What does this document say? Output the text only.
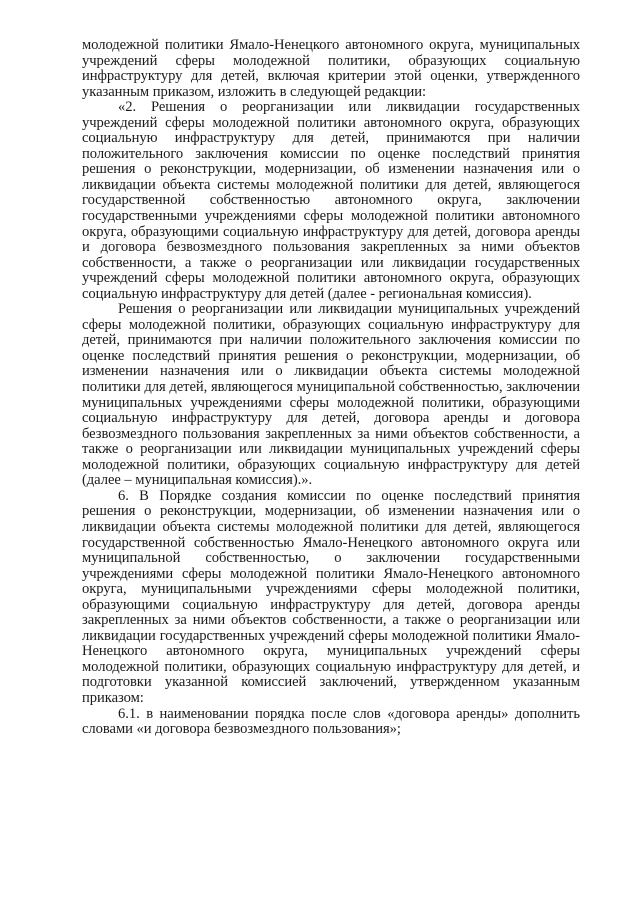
молодежной политики Ямало-Ненецкого автономного округа, муниципальных учреждений сферы молодежной политики, образующих социальную инфраструктуру для детей, включая критерии этой оценки, утвержденного указанным приказом, изложить в следующей редакции:

«2. Решения о реорганизации или ликвидации государственных учреждений сферы молодежной политики автономного округа, образующих социальную инфраструктуру для детей, принимаются при наличии положительного заключения комиссии по оценке последствий принятия решения о реконструкции, модернизации, об изменении назначения или о ликвидации объекта системы молодежной политики для детей, являющегося государственной собственностью автономного округа, заключении государственными учреждениями сферы молодежной политики автономного округа, образующими социальную инфраструктуру для детей, договора аренды и договора безвозмездного пользования закрепленных за ними объектов собственности, а также о реорганизации или ликвидации государственных учреждений сферы молодежной политики автономного округа, образующих социальную инфраструктуру для детей (далее - региональная комиссия).

Решения о реорганизации или ликвидации муниципальных учреждений сферы молодежной политики, образующих социальную инфраструктуру для детей, принимаются при наличии положительного заключения комиссии по оценке последствий принятия решения о реконструкции, модернизации, об изменении назначения или о ликвидации объекта системы молодежной политики для детей, являющегося муниципальной собственностью, заключении муниципальных учреждениями сферы молодежной политики, образующими социальную инфраструктуру для детей, договора аренды и договора безвозмездного пользования закрепленных за ними объектов собственности, а также о реорганизации или ликвидации муниципальных учреждений сферы молодежной политики, образующих социальную инфраструктуру для детей (далее – муниципальная комиссия).».

6. В Порядке создания комиссии по оценке последствий принятия решения о реконструкции, модернизации, об изменении назначения или о ликвидации объекта системы молодежной политики для детей, являющегося государственной собственностью Ямало-Ненецкого автономного округа или муниципальной собственностью, о заключении государственными учреждениями сферы молодежной политики Ямало-Ненецкого автономного округа, муниципальными учреждениями сферы молодежной политики, образующими социальную инфраструктуру для детей, договора аренды закрепленных за ними объектов собственности, а также о реорганизации или ликвидации государственных учреждений сферы молодежной политики Ямало-Ненецкого автономного округа, муниципальных учреждений сферы молодежной политики, образующих социальную инфраструктуру для детей, и подготовки указанной комиссией заключений, утвержденном указанным приказом:

6.1. в наименовании порядка после слов «договора аренды» дополнить словами «и договора безвозмездного пользования»;
